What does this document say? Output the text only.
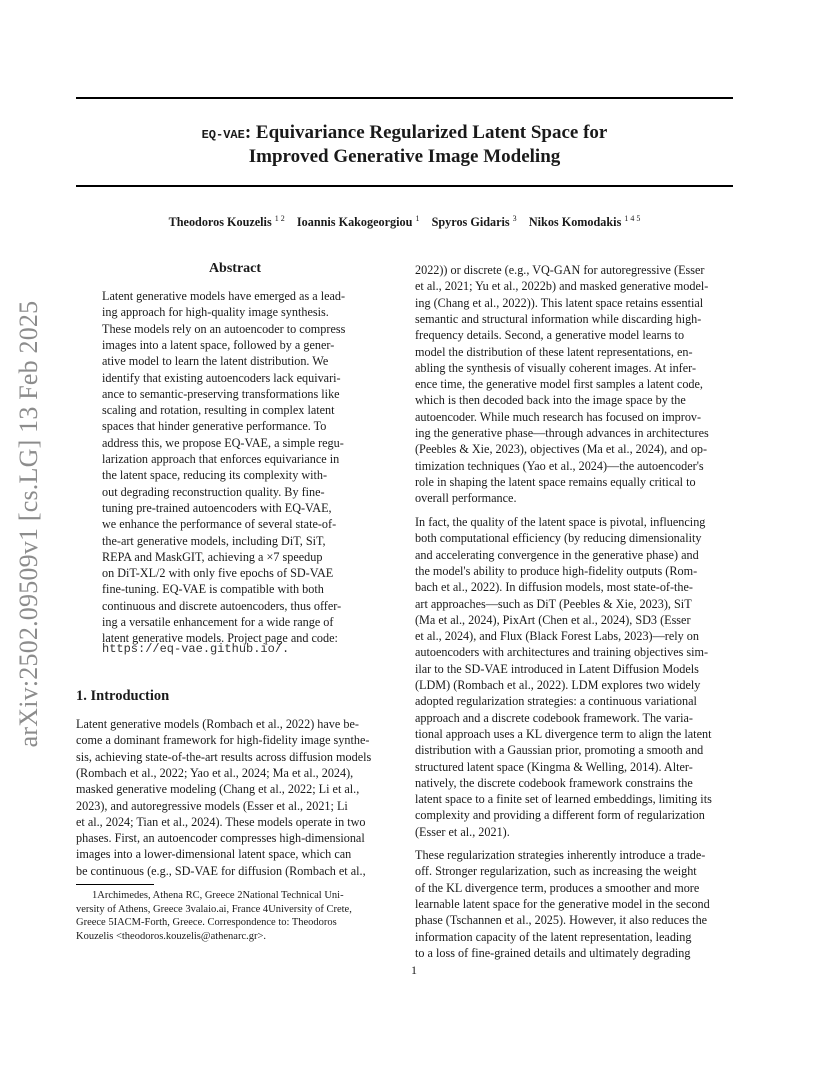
arXiv:2502.09509v1 [cs.LG] 13 Feb 2025
EQ-VAE: Equivariance Regularized Latent Space for
Improved Generative Image Modeling
Theodoros Kouzelis $^{1 2}$ Ioannis Kakogeorgiou $^1$ Spyros Gidaris $^3$ Nikos Komodakis $^{1 4 5}$
Abstract
Latent generative models have emerged as a lead-
ing approach for high-quality image synthesis.
These models rely on an autoencoder to compress
images into a latent space, followed by a gener-
ative model to learn the latent distribution. We
identify that existing autoencoders lack equivari-
ance to semantic-preserving transformations like
scaling and rotation, resulting in complex latent
spaces that hinder generative performance. To
address this, we propose EQ-VAE, a simple regu-
larization approach that enforces equivariance in
the latent space, reducing its complexity with-
out degrading reconstruction quality. By fine-
tuning pre-trained autoencoders with EQ-VAE,
we enhance the performance of several state-of-
the-art generative models, including DiT, SiT,
REPA and MaskGIT, achieving a ×7 speedup
on DiT-XL/2 with only five epochs of SD-VAE
fine-tuning. EQ-VAE is compatible with both
continuous and discrete autoencoders, thus offer-
ing a versatile enhancement for a wide range of
latent generative models. Project page and code:
https://eq-vae.github.io/.
1. Introduction
Latent generative models (Rombach et al., 2022) have be-
come a dominant framework for high-fidelity image synthe-
sis, achieving state-of-the-art results across diffusion models
(Rombach et al., 2022; Yao et al., 2024; Ma et al., 2024),
masked generative modeling (Chang et al., 2022; Li et al.,
2023), and autoregressive models (Esser et al., 2021; Li
et al., 2024; Tian et al., 2024). These models operate in two
phases. First, an autoencoder compresses high-dimensional
images into a lower-dimensional latent space, which can
be continuous (e.g., SD-VAE for diffusion (Rombach et al.,
1Archimedes, Athena RC, Greece 2National Technical Uni-
versity of Athens, Greece 3valaio.ai, France 4University of Crete,
Greece 5IACM-Forth, Greece. Correspondence to: Theodoros
Kouzelis <theodoros.kouzelis@athenarc.gr>.
2022)) or discrete (e.g., VQ-GAN for autoregressive (Esser
et al., 2021; Yu et al., 2022b) and masked generative model-
ing (Chang et al., 2022)). This latent space retains essential
semantic and structural information while discarding high-
frequency details. Second, a generative model learns to
model the distribution of these latent representations, en-
abling the synthesis of visually coherent images. At infer-
ence time, the generative model first samples a latent code,
which is then decoded back into the image space by the
autoencoder. While much research has focused on improv-
ing the generative phase—through advances in architectures
(Peebles & Xie, 2023), objectives (Ma et al., 2024), and op-
timization techniques (Yao et al., 2024)—the autoencoder's
role in shaping the latent space remains equally critical to
overall performance.
In fact, the quality of the latent space is pivotal, influencing
both computational efficiency (by reducing dimensionality
and accelerating convergence in the generative phase) and
the model's ability to produce high-fidelity outputs (Rom-
bach et al., 2022). In diffusion models, most state-of-the-
art approaches—such as DiT (Peebles & Xie, 2023), SiT
(Ma et al., 2024), PixArt (Chen et al., 2024), SD3 (Esser
et al., 2024), and Flux (Black Forest Labs, 2023)—rely on
autoencoders with architectures and training objectives sim-
ilar to the SD-VAE introduced in Latent Diffusion Models
(LDM) (Rombach et al., 2022). LDM explores two widely
adopted regularization strategies: a continuous variational
approach and a discrete codebook framework. The varia-
tional approach uses a KL divergence term to align the latent
distribution with a Gaussian prior, promoting a smooth and
structured latent space (Kingma & Welling, 2014). Alter-
natively, the discrete codebook framework constrains the
latent space to a finite set of learned embeddings, limiting its
complexity and providing a different form of regularization
(Esser et al., 2021).
These regularization strategies inherently introduce a trade-
off. Stronger regularization, such as increasing the weight
of the KL divergence term, produces a smoother and more
learnable latent space for the generative model in the second
phase (Tschannen et al., 2025). However, it also reduces the
information capacity of the latent representation, leading
to a loss of fine-grained details and ultimately degrading
1
